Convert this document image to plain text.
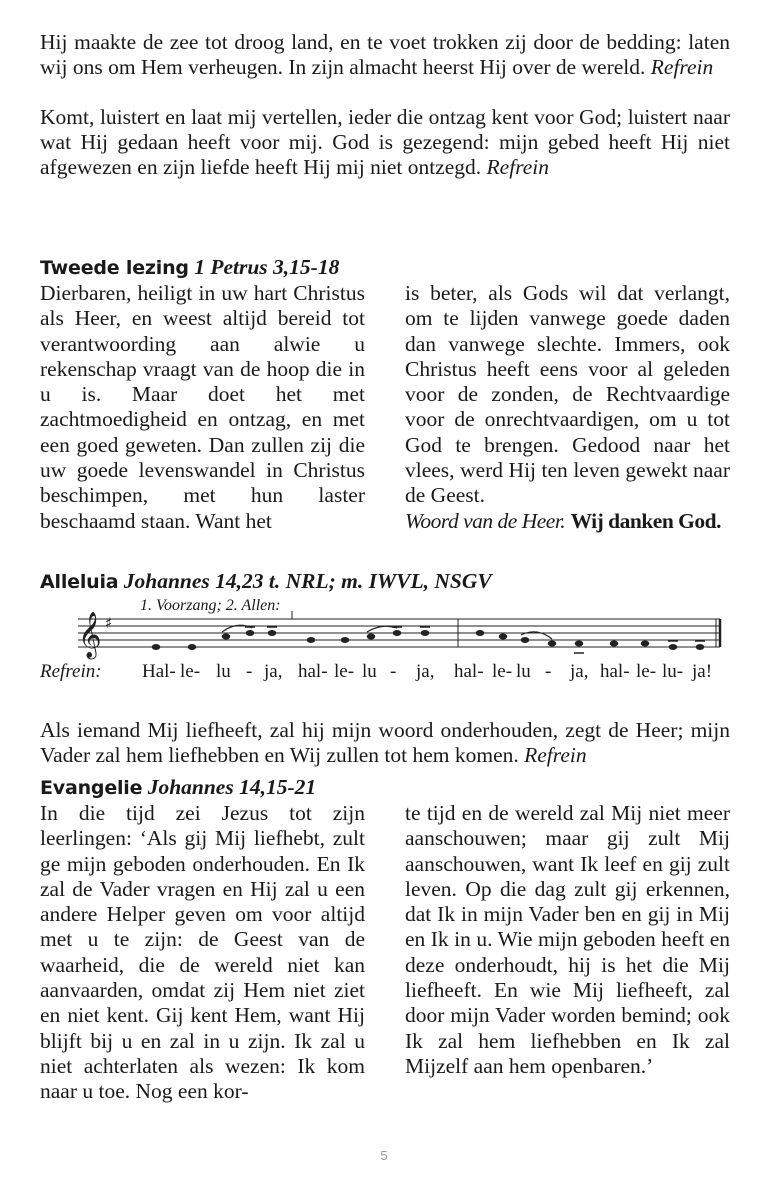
Hij maakte de zee tot droog land, en te voet trokken zij door de bedding: laten wij ons om Hem verheugen. In zijn almacht heerst Hij over de wereld. Refrein

Komt, luistert en laat mij vertellen, ieder die ontzag kent voor God; luistert naar wat Hij gedaan heeft voor mij. God is gezegend: mijn gebed heeft Hij niet afgewezen en zijn liefde heeft Hij mij niet ontzegd. Refrein

Tweede lezing 1 Petrus 3,15-18

Dierbaren, heiligt in uw hart Christus als Heer, en weest altijd bereid tot verantwoording aan alwie u rekenschap vraagt van de hoop die in u is. Maar doet het met zachtmoedigheid en ontzag, en met een goed geweten. Dan zullen zij die uw goede levenswandel in Christus beschimpen, met hun laster beschaamd staan. Want het

is beter, als Gods wil dat verlangt, om te lijden vanwege goede daden dan vanwege slechte. Immers, ook Christus heeft eens voor al geleden voor de zonden, de Rechtvaardige voor de onrechtvaardigen, om u tot God te brengen. Gedood naar het vlees, werd Hij ten leven gewekt naar de Geest.
Woord van de Heer. Wij danken God.

Alleluia Johannes 14,23 t. NRL; m. IWVL, NSGV
𝄞 ♯
1. Voorzang; 2. Allen:
Refrein: Hal- le- lu - ja, hal- le- lu - ja, hal- le- lu - ja, hal- le- lu- ja!

Als iemand Mij liefheeft, zal hij mijn woord onderhouden, zegt de Heer; mijn Vader zal hem liefhebben en Wij zullen tot hem komen. Refrein

Evangelie Johannes 14,15-21

In die tijd zei Jezus tot zijn leerlingen: ‘Als gij Mij liefhebt, zult ge mijn geboden onderhouden. En Ik zal de Vader vragen en Hij zal u een andere Helper geven om voor altijd met u te zijn: de Geest van de waarheid, die de wereld niet kan aanvaarden, omdat zij Hem niet ziet en niet kent. Gij kent Hem, want Hij blijft bij u en zal in u zijn. Ik zal u niet achterlaten als wezen: Ik kom naar u toe. Nog een kor-

te tijd en de wereld zal Mij niet meer aanschouwen; maar gij zult Mij aanschouwen, want Ik leef en gij zult leven. Op die dag zult gij erkennen, dat Ik in mijn Vader ben en gij in Mij en Ik in u. Wie mijn geboden heeft en deze onderhoudt, hij is het die Mij liefheeft. En wie Mij liefheeft, zal door mijn Vader worden bemind; ook Ik zal hem liefhebben en Ik zal Mijzelf aan hem openbaren.’

5
